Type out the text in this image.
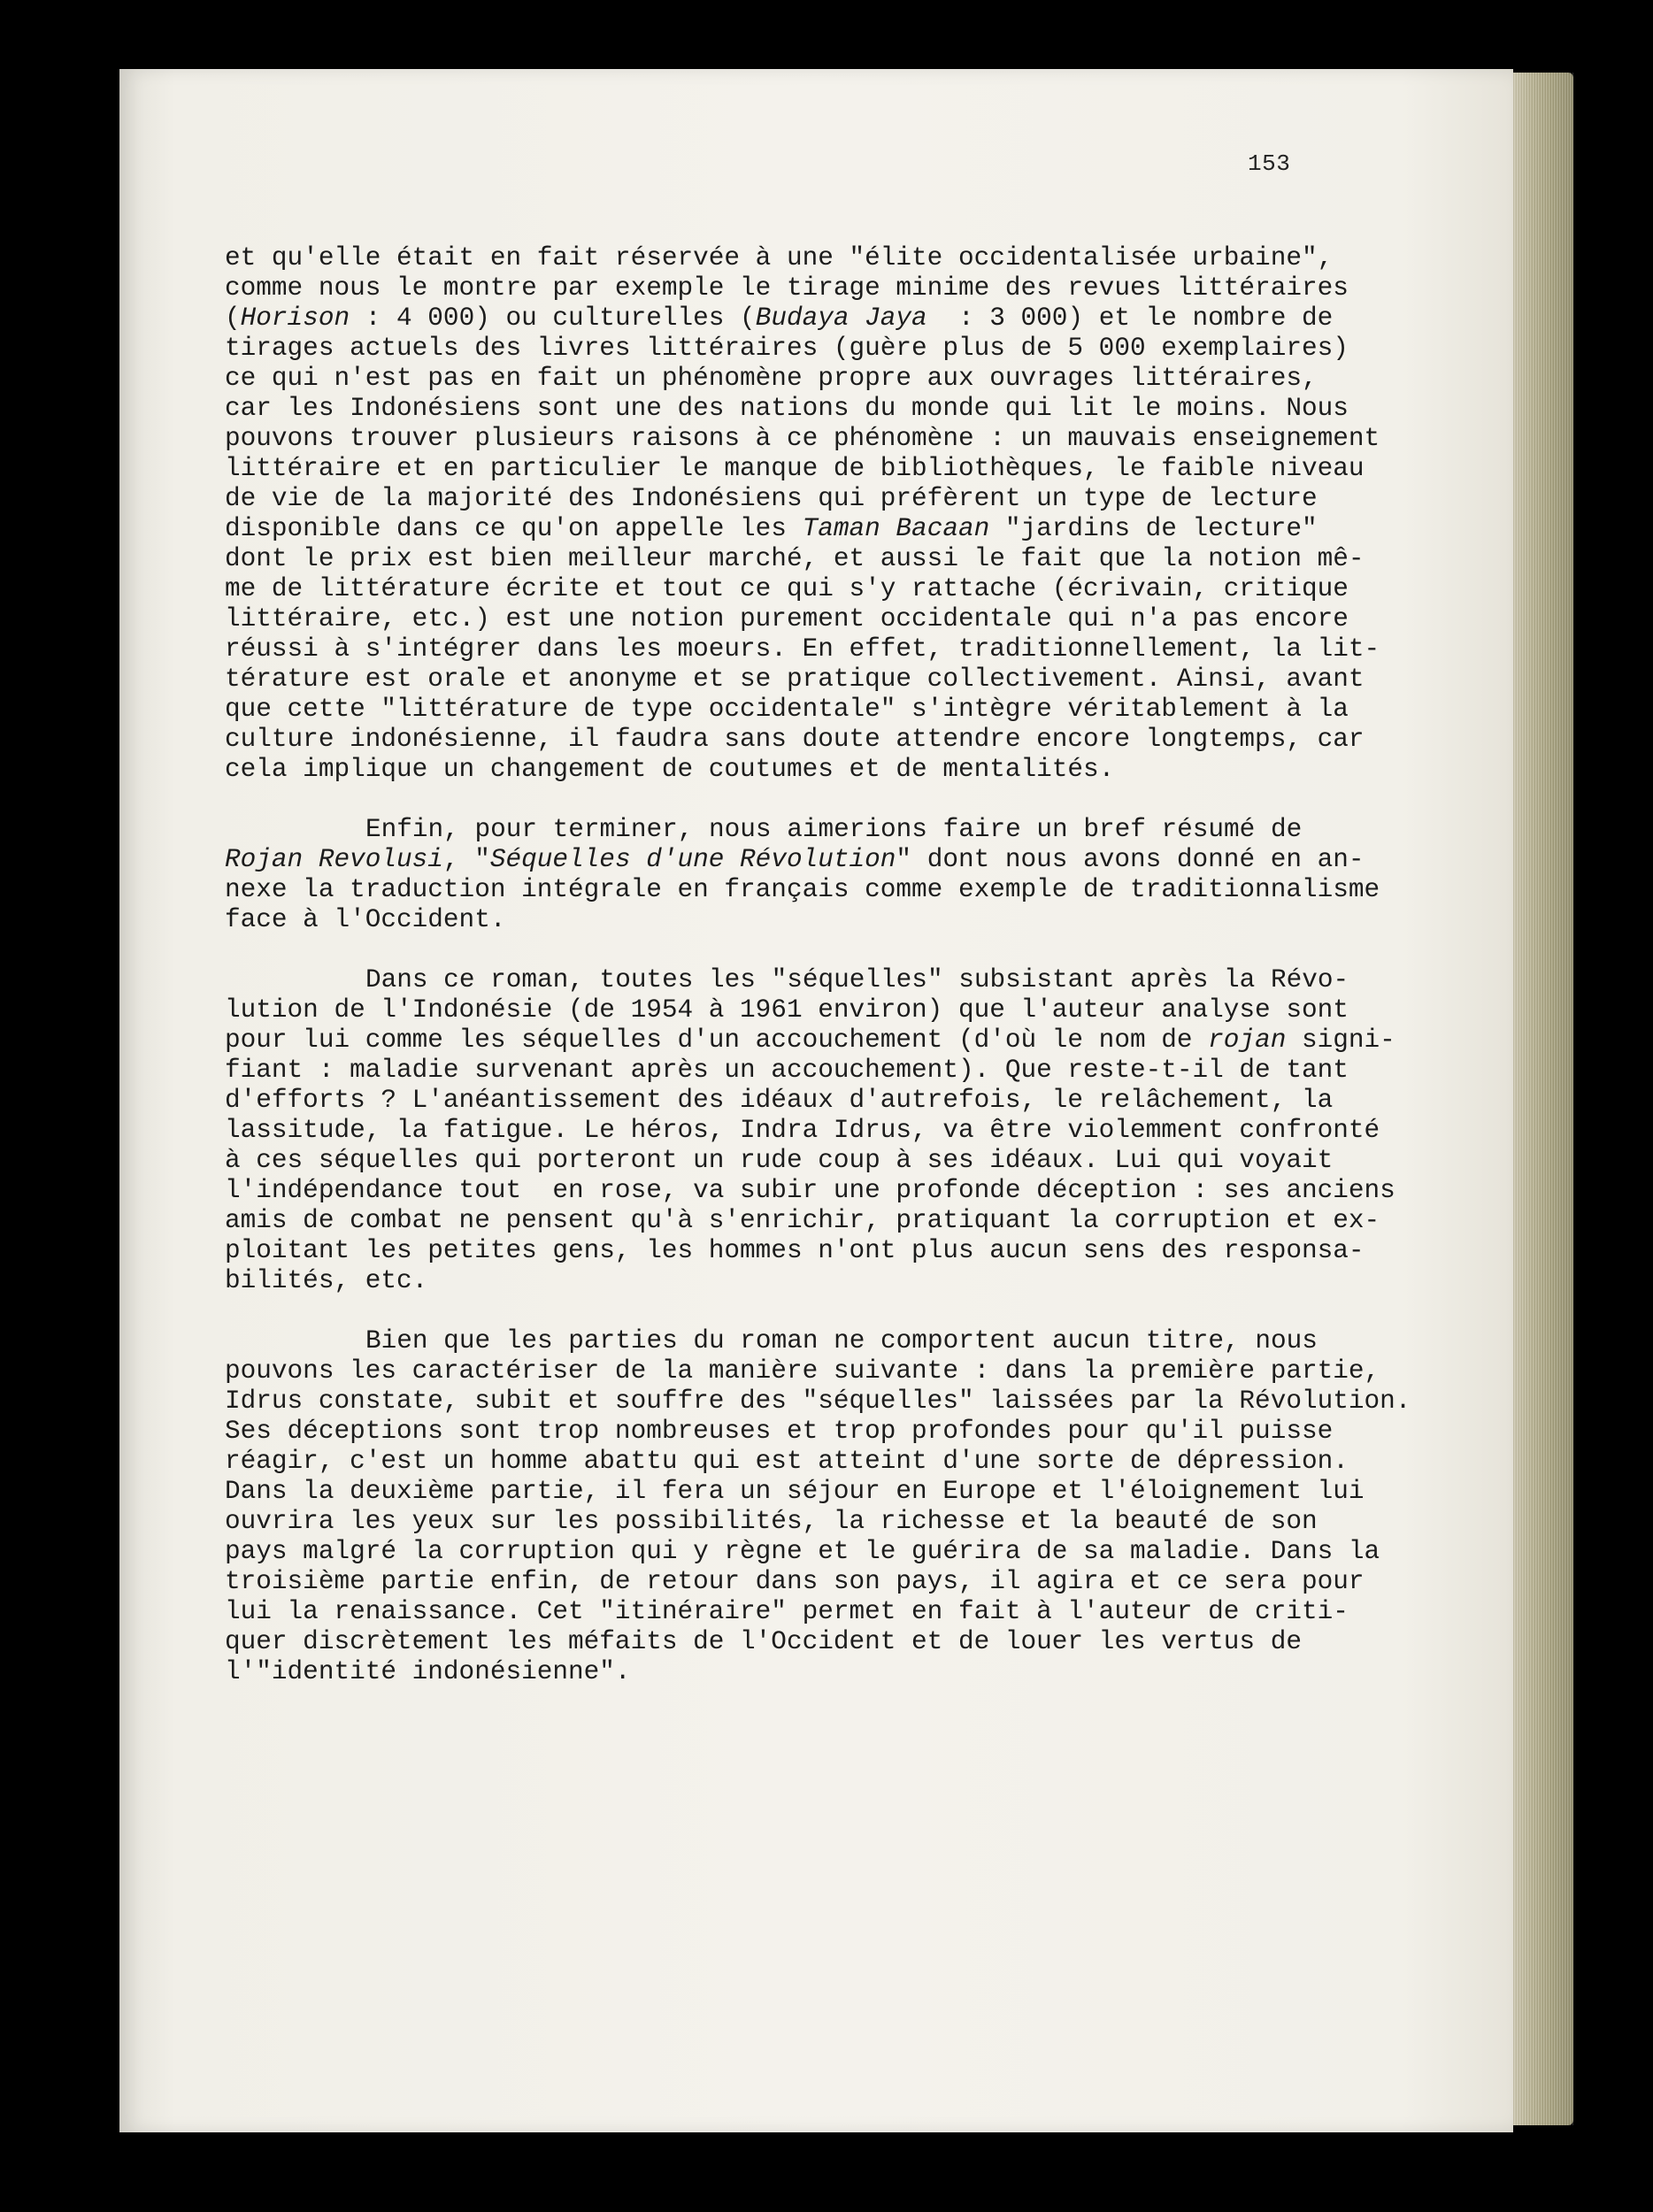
153
et qu'elle était en fait réservée à une "élite occidentalisée urbaine",
comme nous le montre par exemple le tirage minime des revues littéraires
(Horison : 4 000) ou culturelles (Budaya Jaya  : 3 000) et le nombre de
tirages actuels des livres littéraires (guère plus de 5 000 exemplaires)
ce qui n'est pas en fait un phénomène propre aux ouvrages littéraires,
car les Indonésiens sont une des nations du monde qui lit le moins. Nous
pouvons trouver plusieurs raisons à ce phénomène : un mauvais enseignement
littéraire et en particulier le manque de bibliothèques, le faible niveau
de vie de la majorité des Indonésiens qui préfèrent un type de lecture
disponible dans ce qu'on appelle les Taman Bacaan "jardins de lecture"
dont le prix est bien meilleur marché, et aussi le fait que la notion mê-
me de littérature écrite et tout ce qui s'y rattache (écrivain, critique
littéraire, etc.) est une notion purement occidentale qui n'a pas encore
réussi à s'intégrer dans les moeurs. En effet, traditionnellement, la lit-
térature est orale et anonyme et se pratique collectivement. Ainsi, avant
que cette "littérature de type occidentale" s'intègre véritablement à la
culture indonésienne, il faudra sans doute attendre encore longtemps, car
cela implique un changement de coutumes et de mentalités.
Enfin, pour terminer, nous aimerions faire un bref résumé de
Rojan Revolusi, "Séquelles d'une Révolution" dont nous avons donné en an-
nexe la traduction intégrale en français comme exemple de traditionnalisme
face à l'Occident.
Dans ce roman, toutes les "séquelles" subsistant après la Révo-
lution de l'Indonésie (de 1954 à 1961 environ) que l'auteur analyse sont
pour lui comme les séquelles d'un accouchement (d'où le nom de rojan signi-
fiant : maladie survenant après un accouchement). Que reste-t-il de tant
d'efforts ? L'anéantissement des idéaux d'autrefois, le relâchement, la
lassitude, la fatigue. Le héros, Indra Idrus, va être violemment confronté
à ces séquelles qui porteront un rude coup à ses idéaux. Lui qui voyait
l'indépendance tout  en rose, va subir une profonde déception : ses anciens
amis de combat ne pensent qu'à s'enrichir, pratiquant la corruption et ex-
ploitant les petites gens, les hommes n'ont plus aucun sens des responsa-
bilités, etc.
Bien que les parties du roman ne comportent aucun titre, nous
pouvons les caractériser de la manière suivante : dans la première partie,
Idrus constate, subit et souffre des "séquelles" laissées par la Révolution.
Ses déceptions sont trop nombreuses et trop profondes pour qu'il puisse
réagir, c'est un homme abattu qui est atteint d'une sorte de dépression.
Dans la deuxième partie, il fera un séjour en Europe et l'éloignement lui
ouvrira les yeux sur les possibilités, la richesse et la beauté de son
pays malgré la corruption qui y règne et le guérira de sa maladie. Dans la
troisième partie enfin, de retour dans son pays, il agira et ce sera pour
lui la renaissance. Cet "itinéraire" permet en fait à l'auteur de criti-
quer discrètement les méfaits de l'Occident et de louer les vertus de
l'"identité indonésienne".
